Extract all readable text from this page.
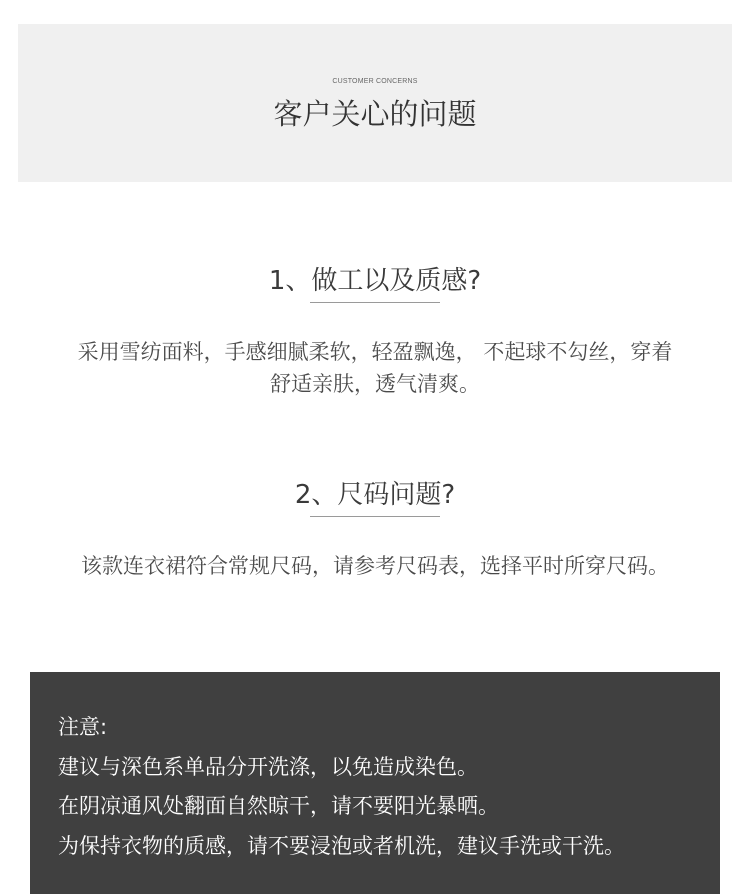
CUSTOMER CONCERNS
客户关心的问题
1、做工以及质感?
采用雪纺面料，手感细腻柔软，轻盈飘逸， 不起球不勾丝，穿着
舒适亲肤，透气清爽。
2、尺码问题?
该款连衣裙符合常规尺码，请参考尺码表，选择平时所穿尺码。
注意:
建议与深色系单品分开洗涤，以免造成染色。
在阴凉通风处翻面自然晾干，请不要阳光暴晒。
为保持衣物的质感，请不要浸泡或者机洗，建议手洗或干洗。
